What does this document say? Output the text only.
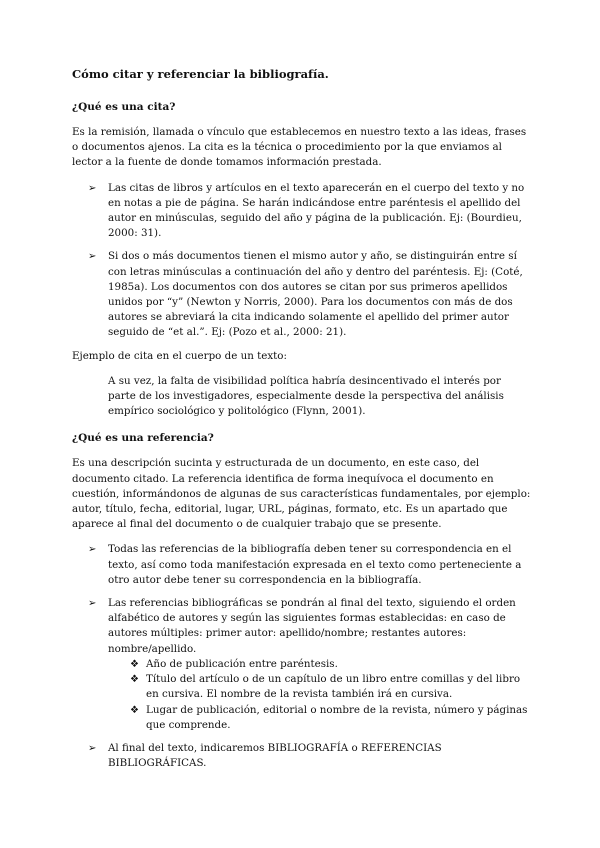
Cómo citar y referenciar la bibliografía.
¿Qué es una cita?
Es la remisión, llamada o vínculo que establecemos en nuestro texto a las ideas, frases o documentos ajenos. La cita es la técnica o procedimiento por la que enviamos al lector a la fuente de donde tomamos información prestada.
➢ Las citas de libros y artículos en el texto aparecerán en el cuerpo del texto y no en notas a pie de página. Se harán indicándose entre paréntesis el apellido del autor en minúsculas, seguido del año y página de la publicación. Ej: (Bourdieu, 2000: 31).
➢ Si dos o más documentos tienen el mismo autor y año, se distinguirán entre sí con letras minúsculas a continuación del año y dentro del paréntesis. Ej: (Coté, 1985a). Los documentos con dos autores se citan por sus primeros apellidos unidos por “y” (Newton y Norris, 2000). Para los documentos con más de dos autores se abreviará la cita indicando solamente el apellido del primer autor seguido de “et al.”. Ej: (Pozo et al., 2000: 21).
Ejemplo de cita en el cuerpo de un texto:
A su vez, la falta de visibilidad política habría desincentivado el interés por parte de los investigadores, especialmente desde la perspectiva del análisis empírico sociológico y politológico (Flynn, 2001).
¿Qué es una referencia?
Es una descripción sucinta y estructurada de un documento, en este caso, del documento citado. La referencia identifica de forma inequívoca el documento en cuestión, informándonos de algunas de sus características fundamentales, por ejemplo: autor, título, fecha, editorial, lugar, URL, páginas, formato, etc. Es un apartado que aparece al final del documento o de cualquier trabajo que se presente.
➢ Todas las referencias de la bibliografía deben tener su correspondencia en el texto, así como toda manifestación expresada en el texto como perteneciente a otro autor debe tener su correspondencia en la bibliografía.
➢ Las referencias bibliográficas se pondrán al final del texto, siguiendo el orden alfabético de autores y según las siguientes formas establecidas: en caso de autores múltiples: primer autor: apellido/nombre; restantes autores: nombre/apellido.
❖ Año de publicación entre paréntesis.
❖ Título del artículo o de un capítulo de un libro entre comillas y del libro en cursiva. El nombre de la revista también irá en cursiva.
❖ Lugar de publicación, editorial o nombre de la revista, número y páginas que comprende.
➢ Al final del texto, indicaremos BIBLIOGRAFÍA o REFERENCIAS BIBLIOGRÁFICAS.
